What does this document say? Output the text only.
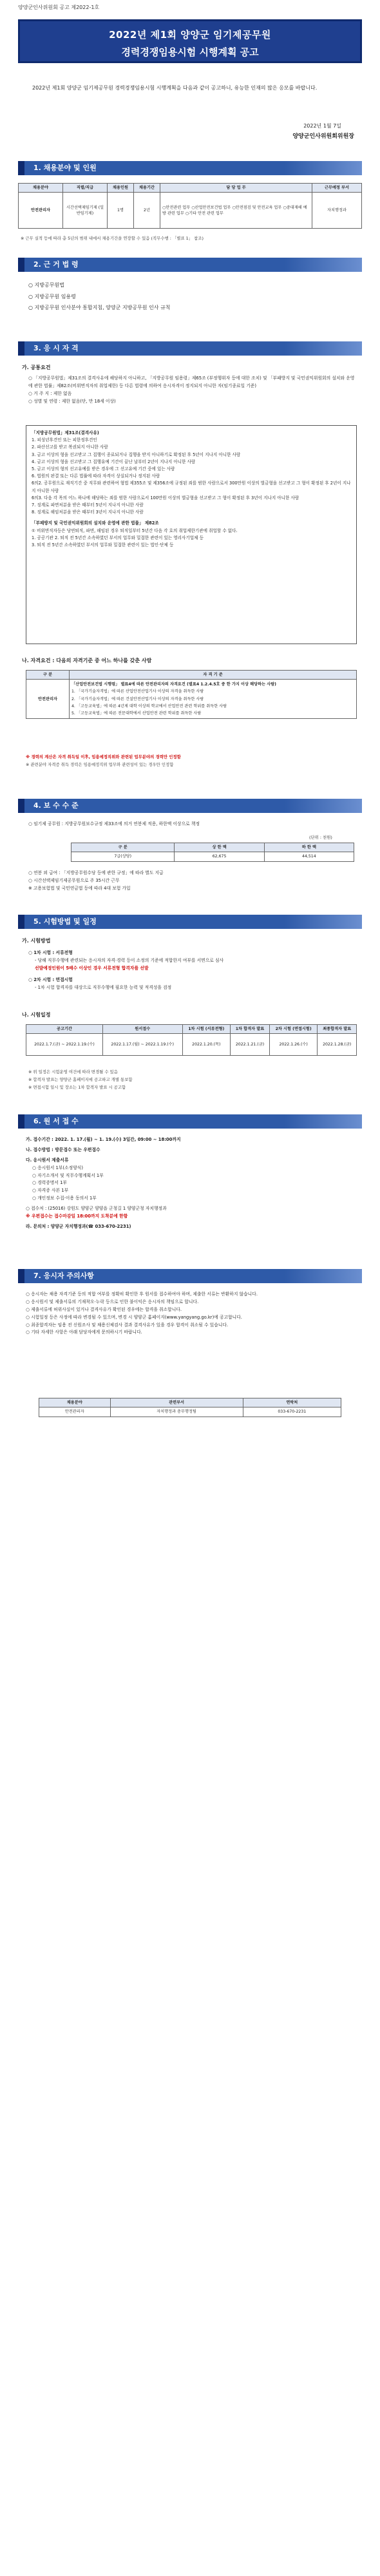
양양군인사위원회 공고 제2022-1호
2022년 제1회 양양군 임기제공무원
경력경쟁임용시험 시행계획 공고
2022년 제1회 양양군 임기제공무원 경력경쟁임용시험 시행계획을 다음과 같이 공고하니, 유능한 인재의 많은 응모를 바랍니다.
2022년 1월 7일
양양군인사위원회위원장
1. 채용분야 및 인원
채용분야	직렬/직급	채용인원	채용기간	담 당 업 무	근무예정 부서
안전관리자	시간선택제임기제 (일반임기제)	1명	2년	○안전관련 업무 ○산업안전보건법 업무 ○안전점검 및 안전교육 업무 ○중대재해 예방 관련 업무 ○기타 안전 관련 업무	자치행정과
※ 근무 실적 등에 따라 총 5년의 범위 내에서 채용기간을 연장할 수 있음 (직무수행 : 「별표 1」 참조)
2. 근 거 법 령
○ 지방공무원법
○ 지방공무원 임용령
○ 지방공무원 인사분야 통합지침, 양양군 지방공무원 인사 규칙
3. 응 시 자 격
가. 공통요건
○ 「지방공무원법」제31조의 결격사유에 해당하지 아니하고, 「지방공무원 임용령」제65조 (부정행위자 등에 대한 조치) 및 「부패방지 및 국민권익위원회의 설치와 운영에 관한 법률」제82조(비위면직자의 취업제한) 등 다른 법령에 의하여 응시자격이 정지되지 아니한 자(임기종료일 기준)
○ 거 주 지 : 제한 없음
○ 성별 및 연령 : 제한 없음(단, 만 18세 이상)
「지방공무원법」제31조(결격사유)
1. 피성년후견인 또는 피한정후견인
2. 파산선고를 받고 복권되지 아니한 사람
3. 금고 이상의 형을 선고받고 그 집행이 종료되거나 집행을 받지 아니하기로 확정된 후 5년이 지나지 아니한 사람
4. 금고 이상의 형을 선고받고 그 집행유예 기간이 끝난 날부터 2년이 지나지 아니한 사람
5. 금고 이상의 형의 선고유예를 받은 경우에 그 선고유예 기간 중에 있는 사람
6. 법원의 판결 또는 다른 법률에 따라 자격이 상실되거나 정지된 사람
6의2. 공무원으로 재직기간 중 직무와 관련하여 형법 제355조 및 제356조에 규정된 죄를 범한 사람으로서 300만원 이상의 벌금형을 선고받고 그 형이 확정된 후 2년이 지나지 아니한 사람
6의3. 다음 각 목의 어느 하나에 해당하는 죄를 범한 사람으로서 100만원 이상의 벌금형을 선고받고 그 형이 확정된 후 3년이 지나지 아니한 사람
7. 징계로 파면처분을 받은 때부터 5년이 지나지 아니한 사람
8. 징계로 해임처분을 받은 때부터 3년이 지나지 아니한 사람
「부패방지 및 국민권익위원회의 설치와 운영에 관한 법률」 제82조
① 비위면직자등은 당연퇴직, 파면, 해임된 경우 퇴직일부터 5년간 다음 각 호의 취업제한기관에 취업할 수 없다.
1. 공공기관 2. 퇴직 전 5년간 소속하였던 부서의 업무와 밀접한 관련이 있는 영리사기업체 등
3. 퇴직 전 5년간 소속하였던 부서의 업무와 밀접한 관련이 있는 법인·단체 등
나. 자격요건 : 다음의 자격기준 중 어느 하나를 갖춘 사람
구 분	자 격 기 준
안전관리자	「산업안전보건법 시행령」 별표4에 따른 안전관리자의 자격요건 (별표4 1.2.4.5호 중 한 가지 이상 해당하는 사람)
1. 「국가기술자격법」에 따른 산업안전산업기사 이상의 자격을 취득한 사람
2. 「국가기술자격법」에 따른 건설안전산업기사 이상의 자격을 취득한 사람
4. 「고등교육법」에 따른 4년제 대학 이상의 학교에서 산업안전 관련 학위를 취득한 사람
5. 「고등교육법」에 따른 전문대학에서 산업안전 관련 학위를 취득한 사람
※ 경력의 계산은 자격 취득일 이후, 임용예정직위와 관련된 업무분야의 경력만 인정함
※ 관련분야 자격증 취득 경력은 임용예정직위 업무와 관련성이 있는 경우만 인정함
4. 보 수 수 준
○ 임기제 공무원 : 지방공무원보수규정 제33조에 의거 연봉제 적용, 하한액 이상으로 책정
(단위 : 천원)
구 분	상 한 액	하 한 액
7급(상당)	62,675	44,514
○ 연봉 외 급여 : 「지방공무원수당 등에 관한 규정」에 따라 별도 지급
○ 시간선택제임기제공무원으로 주 35시간 근무
※ 고용보험법 및 국민연금법 등에 따라 4대 보험 가입
5. 시험방법 및 일정
가. 시험방법
○ 1차 시험 : 서류전형
- 당해 직무수행에 관련되는 응시자의 자격·경력 등이 소정의 기준에 적합한지 여부를 서면으로 심사
선발예정인원이 5배수 이상인 경우 서류전형 합격자를 선발
○ 2차 시험 : 면접시험
- 1차 시험 합격자를 대상으로 직무수행에 필요한 능력 및 적격성을 검정
나. 시험일정
공고기간	원서접수	1차 시험 (서류전형)	1차 합격자 발표	2차 시험 (면접시험)	최종합격자 발표
2022.1.7.(금) ~ 2022.1.19.(수)	2022.1.17.(월) ~ 2022.1.19.(수)	2022.1.20.(목)	2022.1.21.(금)	2022.1.26.(수)	2022.1.28.(금)
※ 위 일정은 시험운영 여건에 따라 변경될 수 있음
※ 합격자 발표는 양양군 홈페이지에 공고하고 개별 통보함
※ 면접시험 일시 및 장소는 1차 합격자 발표 시 공고함
6. 원 서 접 수
가. 접수기간 : 2022. 1. 17.(월) ~ 1. 19.(수) 3일간, 09:00 ~ 18:00까지
나. 접수방법 : 방문접수 또는 우편접수
다. 응시원서 제출서류
○ 응시원서 1부(소정양식)
○ 자기소개서 및 직무수행계획서 1부
○ 경력증명서 1부
○ 자격증 사본 1부
○ 개인정보 수집·이용 동의서 1부
○ 접수처 : (25016) 강원도 양양군 양양읍 군청길 1 양양군청 자치행정과
※ 우편접수는 접수마감일 18:00까지 도착분에 한함
라. 문의처 : 양양군 자치행정과(☎ 033-670-2231)
7. 응시자 주의사항
○ 응시자는 채용 자격기준 등의 적합 여부를 정확히 확인한 후 원서를 접수하여야 하며, 제출한 서류는 반환하지 않습니다.
○ 응시원서 및 제출서류의 기재착오·누락 등으로 인한 불이익은 응시자의 책임으로 합니다.
○ 제출서류에 허위사실이 있거나 결격사유가 확인된 경우에는 합격을 취소합니다.
○ 시험일정 등은 사정에 따라 변경될 수 있으며, 변경 시 양양군 홈페이지(www.yangyang.go.kr)에 공고합니다.
○ 최종합격자는 임용 전 신원조사 및 채용신체검사 결과 결격사유가 있을 경우 합격이 취소될 수 있습니다.
○ 기타 자세한 사항은 아래 담당자에게 문의하시기 바랍니다.
채용분야	관련부서	연락처
안전관리자	자치행정과 총무행정팀	033-670-2231
